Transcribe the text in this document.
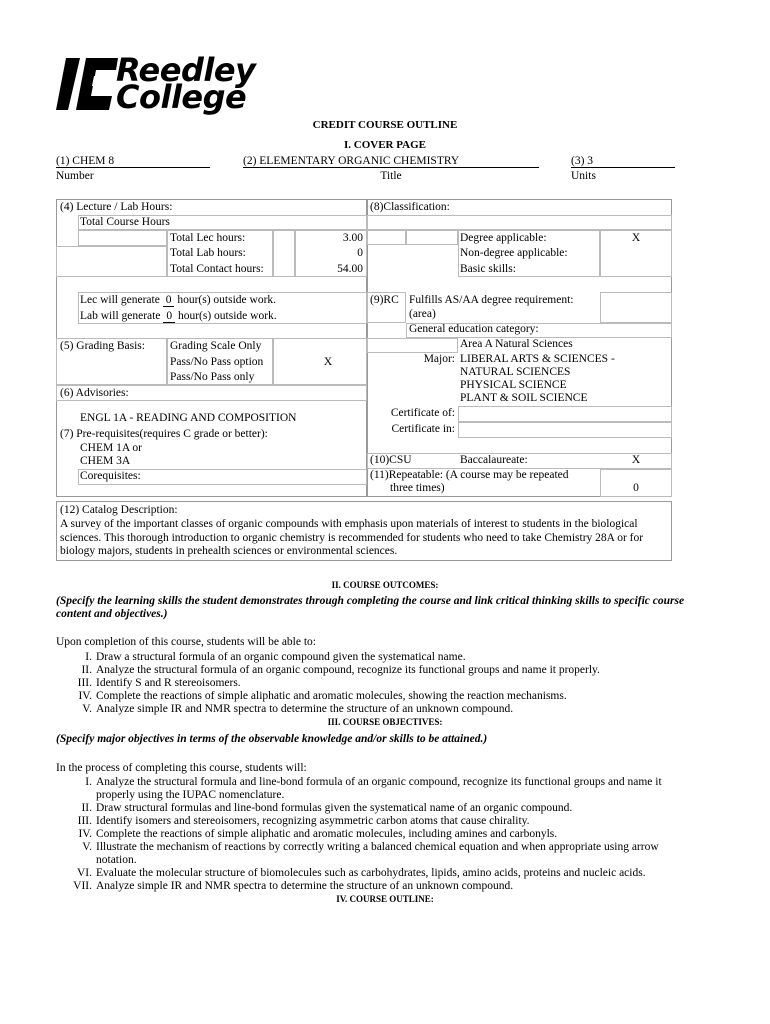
Reedley
College
CREDIT COURSE OUTLINE
I. COVER PAGE
(1) CHEM 8
Number
(2) ELEMENTARY ORGANIC CHEMISTRY
Title
(3) 3
Units
(4) Lecture / Lab Hours:
Total Course Hours
Total Lec hours:	3.00
Total Lab hours:	0
Total Contact hours:	54.00
Lec will generate 0 hour(s) outside work.
Lab will generate 0 hour(s) outside work.
(5) Grading Basis: Grading Scale Only
Pass/No Pass option	X
Pass/No Pass only
(6) Advisories:
ENGL 1A - READING AND COMPOSITION
(7) Pre-requisites(requires C grade or better):
CHEM 1A or
CHEM 3A
Corequisites:
(8)Classification:
Degree applicable:	X
Non-degree applicable:
Basic skills:
(9)RC Fulfills AS/AA degree requirement:
(area)
General education category:
Area A Natural Sciences
Major: LIBERAL ARTS & SCIENCES -
NATURAL SCIENCES
PHYSICAL SCIENCE
PLANT & SOIL SCIENCE
Certificate of:
Certificate in:
(10)CSU	Baccalaureate:	X
(11)Repeatable: (A course may be repeated
three times)	0
(12) Catalog Description:
A survey of the important classes of organic compounds with emphasis upon materials of interest to students in the biological
sciences. This thorough introduction to organic chemistry is recommended for students who need to take Chemistry 28A or for
biology majors, students in prehealth sciences or environmental sciences.
II. COURSE OUTCOMES:
(Specify the learning skills the student demonstrates through completing the course and link critical thinking skills to specific course
content and objectives.)
Upon completion of this course, students will be able to:
I. Draw a structural formula of an organic compound given the systematical name.
II. Analyze the structural formula of an organic compound, recognize its functional groups and name it properly.
III. Identify S and R stereoisomers.
IV. Complete the reactions of simple aliphatic and aromatic molecules, showing the reaction mechanisms.
V. Analyze simple IR and NMR spectra to determine the structure of an unknown compound.
III. COURSE OBJECTIVES:
(Specify major objectives in terms of the observable knowledge and/or skills to be attained.)
In the process of completing this course, students will:
I. Analyze the structural formula and line-bond formula of an organic compound, recognize its functional groups and name it
properly using the IUPAC nomenclature.
II. Draw structural formulas and line-bond formulas given the systematical name of an organic compound.
III. Identify isomers and stereoisomers, recognizing asymmetric carbon atoms that cause chirality.
IV. Complete the reactions of simple aliphatic and aromatic molecules, including amines and carbonyls.
V. Illustrate the mechanism of reactions by correctly writing a balanced chemical equation and when appropriate using arrow
notation.
VI. Evaluate the molecular structure of biomolecules such as carbohydrates, lipids, amino acids, proteins and nucleic acids.
VII. Analyze simple IR and NMR spectra to determine the structure of an unknown compound.
IV. COURSE OUTLINE:
